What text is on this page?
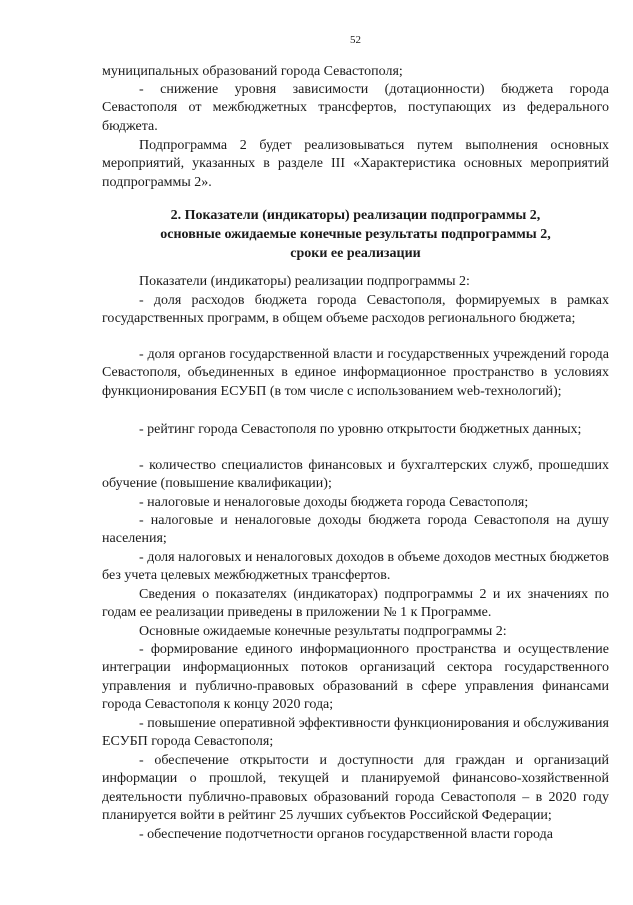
52

муниципальных образований города Севастополя;

- снижение уровня зависимости (дотационности) бюджета города Севастополя от межбюджетных трансфертов, поступающих из федерального бюджета.

Подпрограмма 2 будет реализовываться путем выполнения основных мероприятий, указанных в разделе III «Характеристика основных мероприятий подпрограммы 2».

2. Показатели (индикаторы) реализации подпрограммы 2,
основные ожидаемые конечные результаты подпрограммы 2,
сроки ее реализации

Показатели (индикаторы) реализации подпрограммы 2:

- доля расходов бюджета города Севастополя, формируемых в рамках государственных программ, в общем объеме расходов регионального бюджета;

- доля органов государственной власти и государственных учреждений города Севастополя, объединенных в единое информационное пространство в условиях функционирования ЕСУБП (в том числе с использованием web-технологий);

- рейтинг города Севастополя по уровню открытости бюджетных данных;

- количество специалистов финансовых и бухгалтерских служб, прошедших обучение (повышение квалификации);

- налоговые и неналоговые доходы бюджета города Севастополя;

- налоговые и неналоговые доходы бюджета города Севастополя на душу населения;

- доля налоговых и неналоговых доходов в объеме доходов местных бюджетов без учета целевых межбюджетных трансфертов.

Сведения о показателях (индикаторах) подпрограммы 2 и их значениях по годам ее реализации приведены в приложении № 1 к Программе.

Основные ожидаемые конечные результаты подпрограммы 2:

- формирование единого информационного пространства и осуществление интеграции информационных потоков организаций сектора государственного управления и публично-правовых образований в сфере управления финансами города Севастополя к концу 2020 года;

- повышение оперативной эффективности функционирования и обслуживания ЕСУБП города Севастополя;

- обеспечение открытости и доступности для граждан и организаций информации о прошлой, текущей и планируемой финансово-хозяйственной деятельности публично-правовых образований города Севастополя – в 2020 году планируется войти в рейтинг 25 лучших субъектов Российской Федерации;

- обеспечение подотчетности органов государственной власти города
